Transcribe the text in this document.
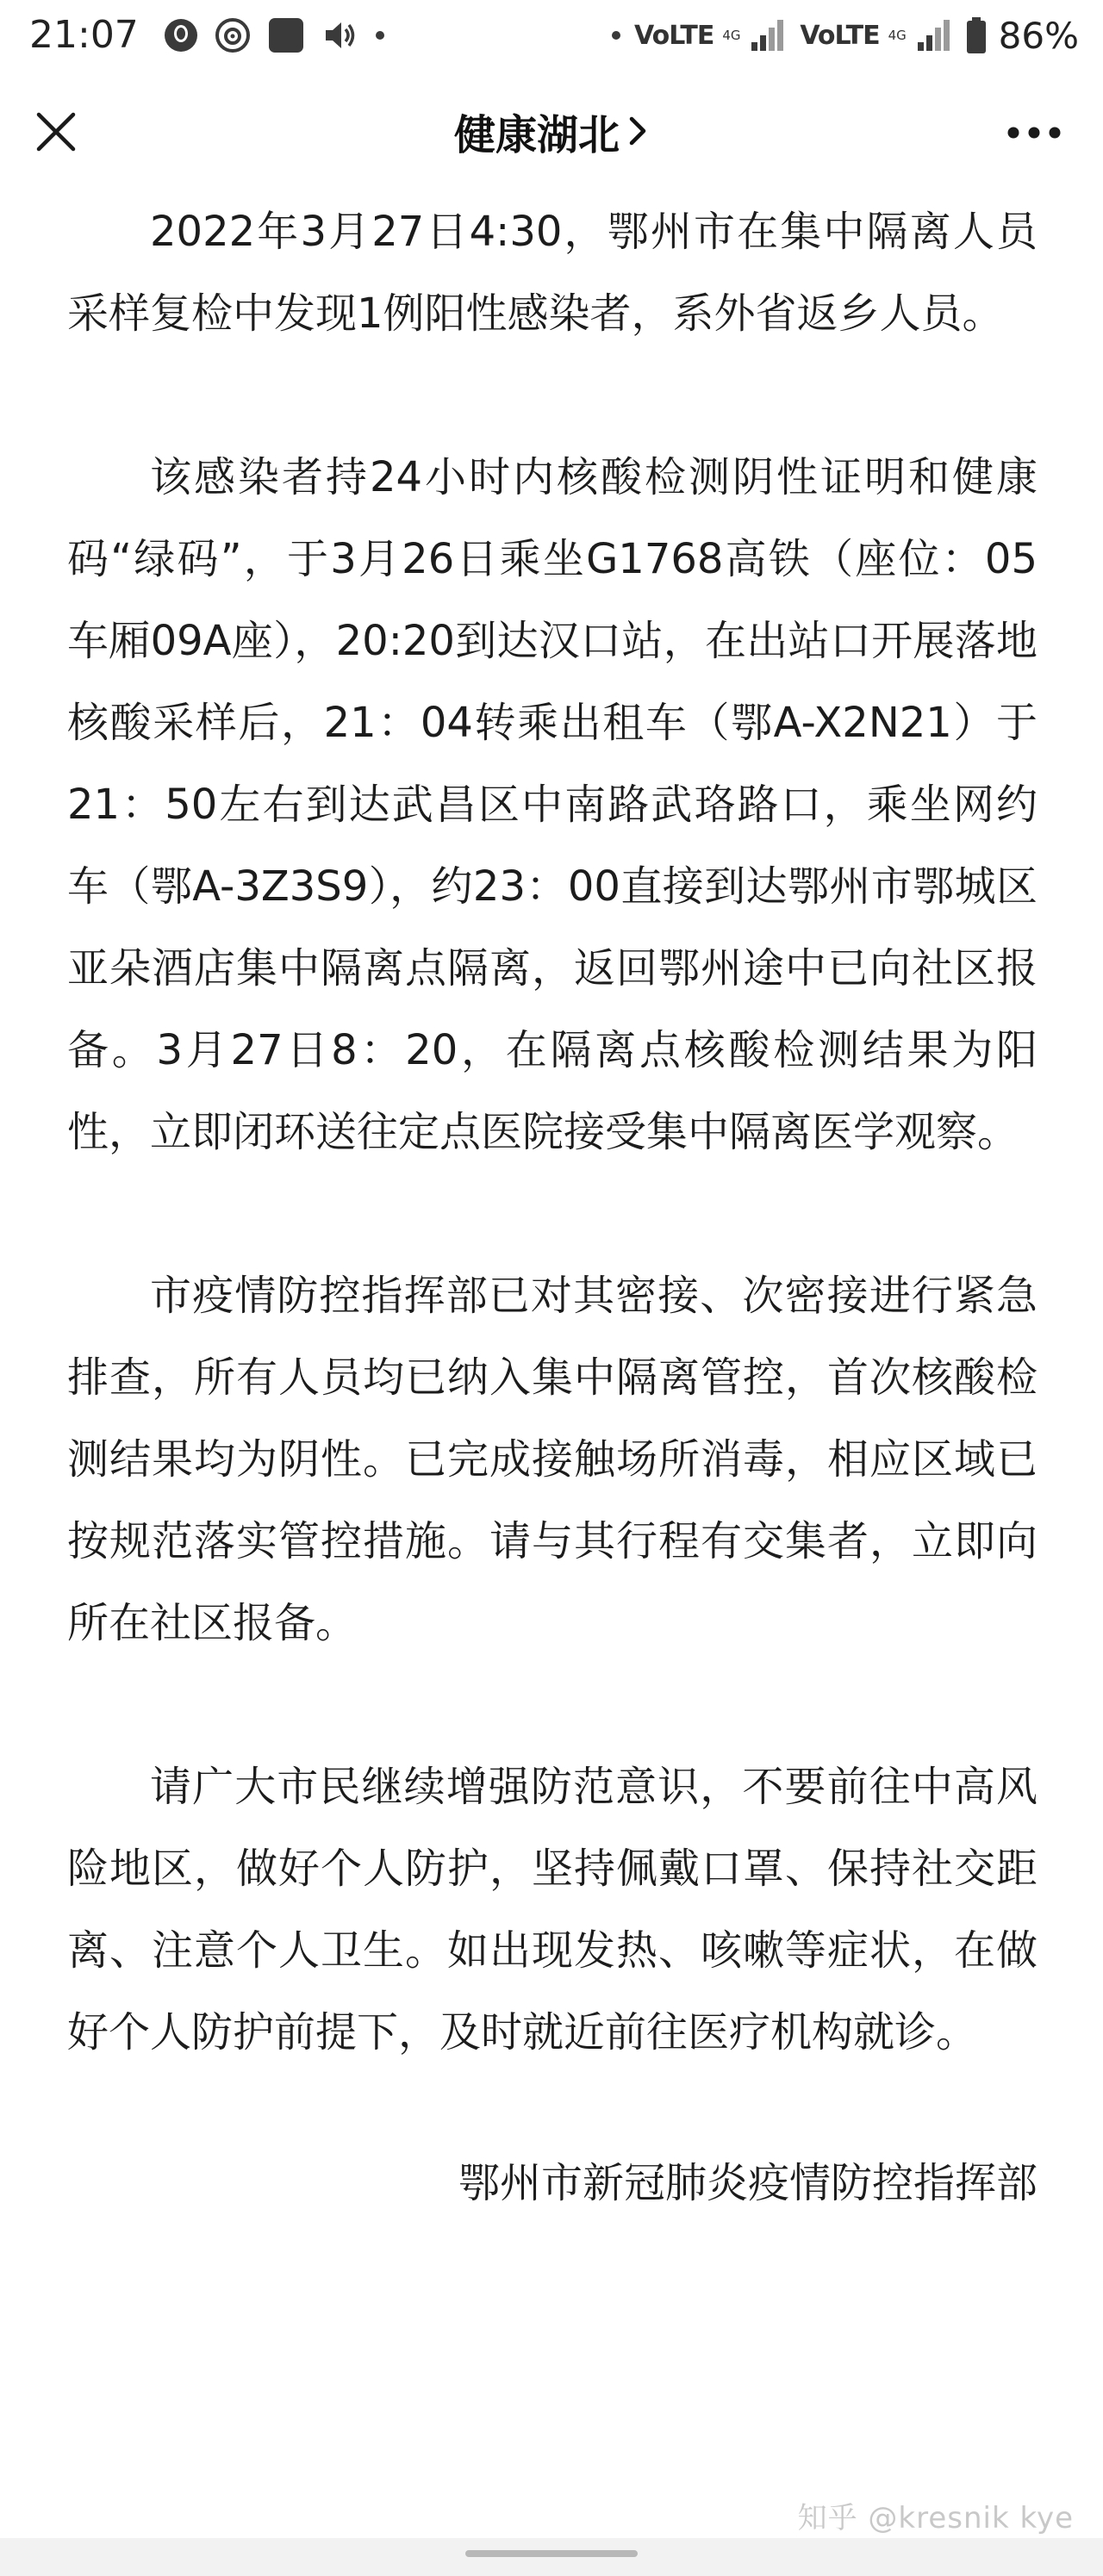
21:07	VoLTE 4G VoLTE 4G	86%
健康湖北

2022年3月27日4:30，鄂州市在集中隔离人员采样复检中发现1例阳性感染者，系外省返乡人员。

该感染者持24小时内核酸检测阴性证明和健康码“绿码”，于3月26日乘坐G1768高铁（座位：05车厢09A座），20:20到达汉口站，在出站口开展落地核酸采样后，21：04转乘出租车（鄂A-X2N21）于21：50左右到达武昌区中南路武珞路口，乘坐网约车（鄂A-3Z3S9），约23：00直接到达鄂州市鄂城区亚朵酒店集中隔离点隔离，返回鄂州途中已向社区报备。3月27日8：20，在隔离点核酸检测结果为阳性，立即闭环送往定点医院接受集中隔离医学观察。

市疫情防控指挥部已对其密接、次密接进行紧急排查，所有人员均已纳入集中隔离管控，首次核酸检测结果均为阴性。已完成接触场所消毒，相应区域已按规范落实管控措施。请与其行程有交集者，立即向所在社区报备。

请广大市民继续增强防范意识，不要前往中高风险地区，做好个人防护，坚持佩戴口罩、保持社交距离、注意个人卫生。如出现发热、咳嗽等症状，在做好个人防护前提下，及时就近前往医疗机构就诊。

鄂州市新冠肺炎疫情防控指挥部

知乎 @kresnik kye
